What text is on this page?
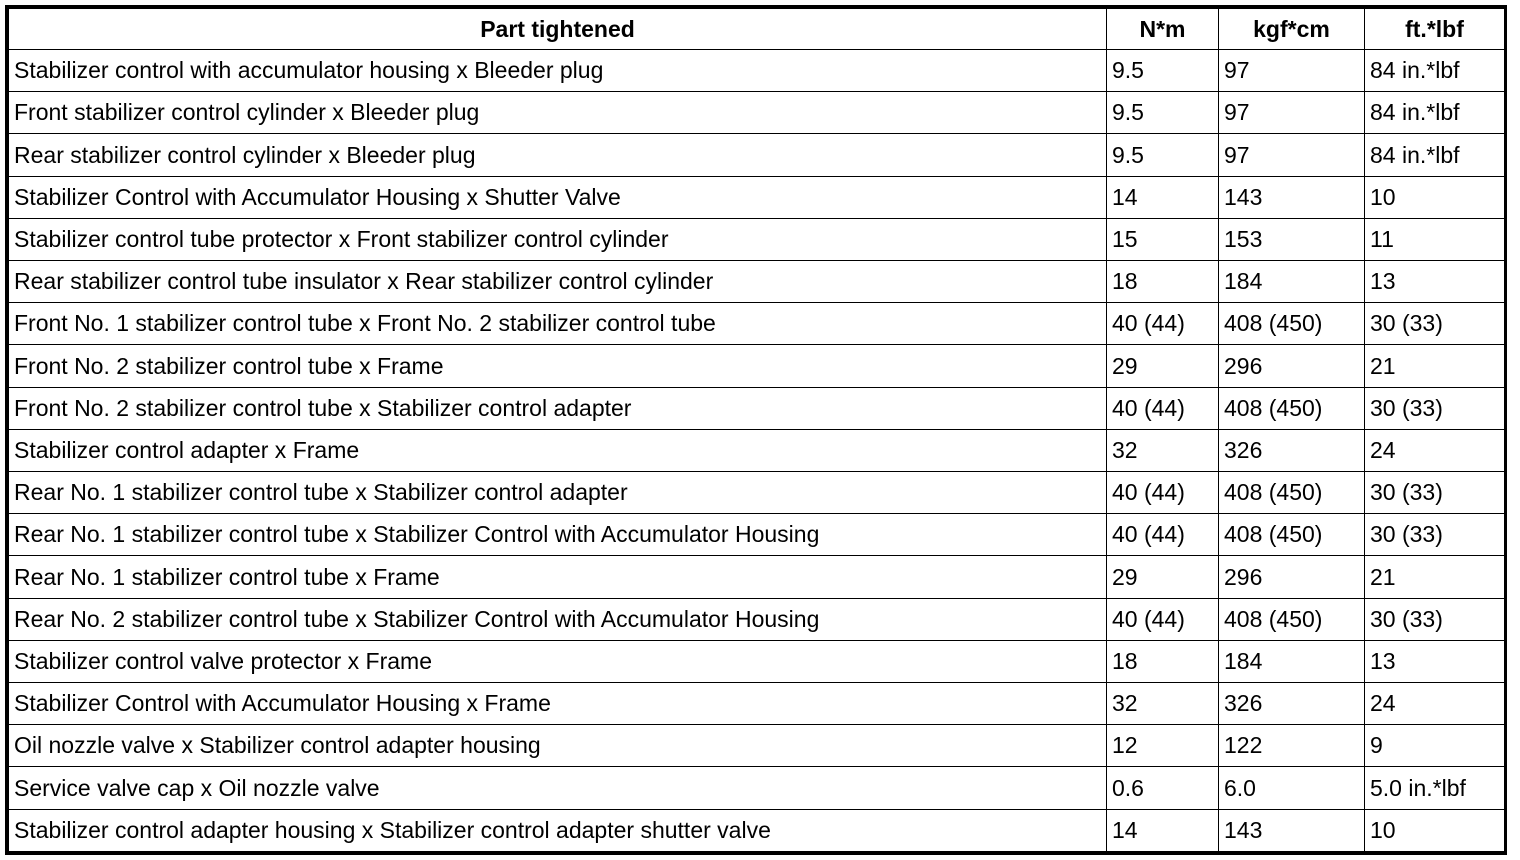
Part tightened	N*m	kgf*cm	ft.*lbf
Stabilizer control with accumulator housing x Bleeder plug	9.5	97	84 in.*lbf
Front stabilizer control cylinder x Bleeder plug	9.5	97	84 in.*lbf
Rear stabilizer control cylinder x Bleeder plug	9.5	97	84 in.*lbf
Stabilizer Control with Accumulator Housing x Shutter Valve	14	143	10
Stabilizer control tube protector x Front stabilizer control cylinder	15	153	11
Rear stabilizer control tube insulator x Rear stabilizer control cylinder	18	184	13
Front No. 1 stabilizer control tube x Front No. 2 stabilizer control tube	40 (44)	408 (450)	30 (33)
Front No. 2 stabilizer control tube x Frame	29	296	21
Front No. 2 stabilizer control tube x Stabilizer control adapter	40 (44)	408 (450)	30 (33)
Stabilizer control adapter x Frame	32	326	24
Rear No. 1 stabilizer control tube x Stabilizer control adapter	40 (44)	408 (450)	30 (33)
Rear No. 1 stabilizer control tube x Stabilizer Control with Accumulator Housing	40 (44)	408 (450)	30 (33)
Rear No. 1 stabilizer control tube x Frame	29	296	21
Rear No. 2 stabilizer control tube x Stabilizer Control with Accumulator Housing	40 (44)	408 (450)	30 (33)
Stabilizer control valve protector x Frame	18	184	13
Stabilizer Control with Accumulator Housing x Frame	32	326	24
Oil nozzle valve x Stabilizer control adapter housing	12	122	9
Service valve cap x Oil nozzle valve	0.6	6.0	5.0 in.*lbf
Stabilizer control adapter housing x Stabilizer control adapter shutter valve	14	143	10
